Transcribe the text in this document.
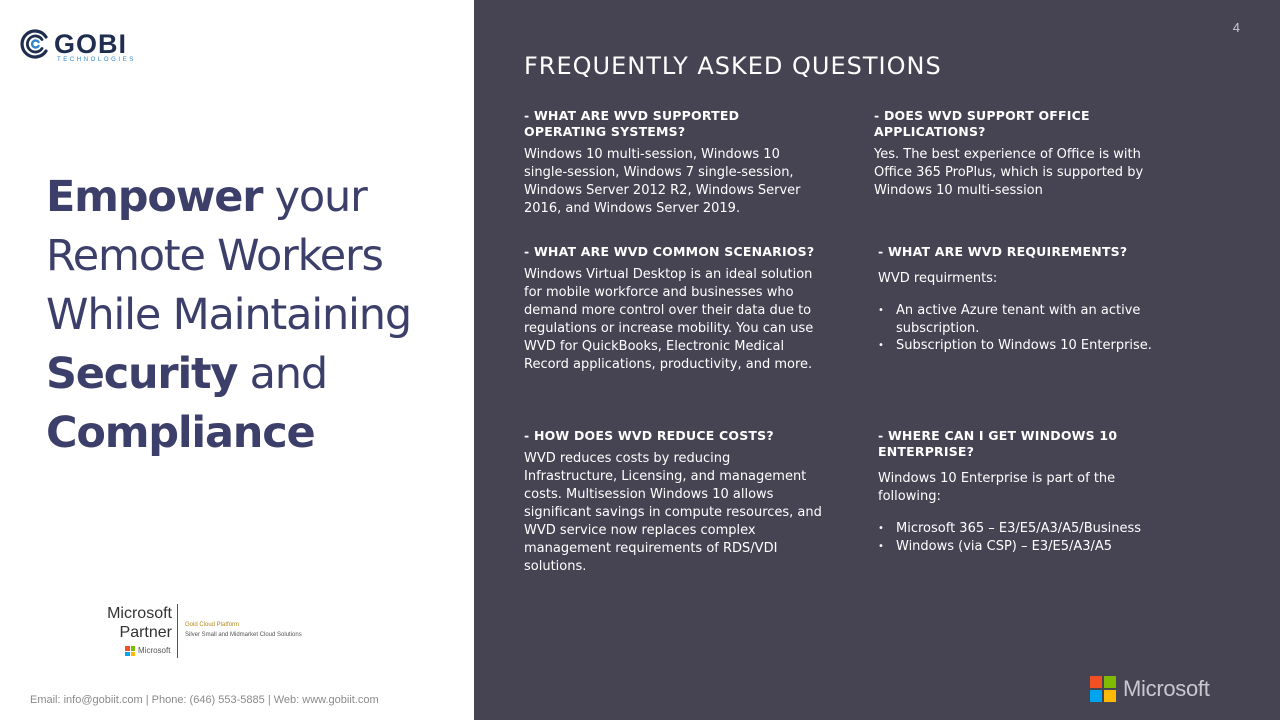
GOBI
TECHNOLOGIES
Empower your
Remote Workers
While Maintaining
Security and
Compliance
Microsoft
Partner Gold Cloud Platform
Silver Small and Midmarket Cloud Solutions
Microsoft
Email: info@gobiit.com | Phone: (646) 553-5885 | Web: www.gobiit.com
4
FREQUENTLY ASKED QUESTIONS
- WHAT ARE WVD SUPPORTED OPERATING SYSTEMS?

Windows 10 multi-session, Windows 10 single-session, Windows 7 single-session, Windows Server 2012 R2, Windows Server 2016, and Windows Server 2019.

- DOES WVD SUPPORT OFFICE APPLICATIONS?

Yes. The best experience of Office is with Office 365 ProPlus, which is supported by Windows 10 multi-session

- WHAT ARE WVD COMMON SCENARIOS?

Windows Virtual Desktop is an ideal solution for mobile workforce and businesses who demand more control over their data due to regulations or increase mobility. You can use WVD for QuickBooks, Electronic Medical Record applications, productivity, and more.

- WHAT ARE WVD REQUIREMENTS?

WVD requirments:

• An active Azure tenant with an active subscription.
• Subscription to Windows 10 Enterprise.
- HOW DOES WVD REDUCE COSTS?

WVD reduces costs by reducing Infrastructure, Licensing, and management costs. Multisession Windows 10 allows significant savings in compute resources, and WVD service now replaces complex management requirements of RDS/VDI solutions.

- WHERE CAN I GET WINDOWS 10 ENTERPRISE?

Windows 10 Enterprise is part of the following:

• Microsoft 365 – E3/E5/A3/A5/Business
• Windows (via CSP) – E3/E5/A3/A5
Microsoft
